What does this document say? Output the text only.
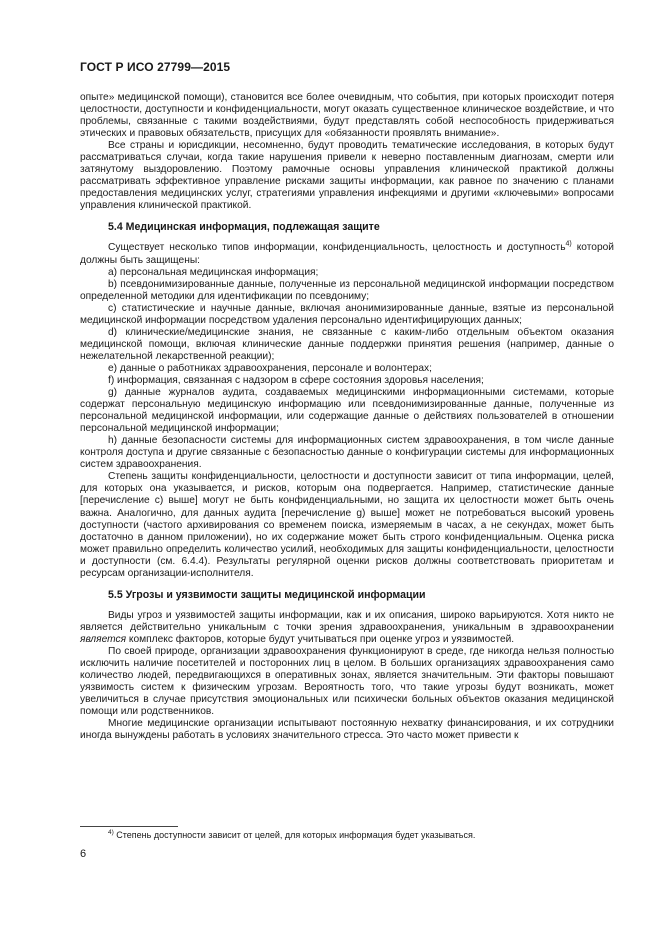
ГОСТ Р ИСО 27799—2015

опыте» медицинской помощи), становится все более очевидным, что события, при которых происходит потеря целостности, доступности и конфиденциальности, могут оказать существенное клиническое воздействие, и что проблемы, связанные с такими воздействиями, будут представлять собой неспособность придерживаться этических и правовых обязательств, присущих для «обязанности проявлять внимание».

Все страны и юрисдикции, несомненно, будут проводить тематические исследования, в которых будут рассматриваться случаи, когда такие нарушения привели к неверно поставленным диагнозам, смерти или затянутому выздоровлению. Поэтому рамочные основы управления клинической практикой должны рассматривать эффективное управление рисками защиты информации, как равное по значению с планами предоставления медицинских услуг, стратегиями управления инфекциями и другими «ключевыми» вопросами управления клинической практикой.

5.4 Медицинская информация, подлежащая защите

Существует несколько типов информации, конфиденциальность, целостность и доступность$^{4)}$ которой должны быть защищены:

a) персональная медицинская информация;

b) псевдонимизированные данные, полученные из персональной медицинской информации посредством определенной методики для идентификации по псевдониму;

c) статистические и научные данные, включая анонимизированные данные, взятые из персональной медицинской информации посредством удаления персонально идентифицирующих данных;

d) клинические/медицинские знания, не связанные с каким-либо отдельным объектом оказания медицинской помощи, включая клинические данные поддержки принятия решения (например, данные о нежелательной лекарственной реакции);

e) данные о работниках здравоохранения, персонале и волонтерах;

f) информация, связанная с надзором в сфере состояния здоровья населения;

g) данные журналов аудита, создаваемых медицинскими информационными системами, которые содержат персональную медицинскую информацию или псевдонимизированные данные, полученные из персональной медицинской информации, или содержащие данные о действиях пользователей в отношении персональной медицинской информации;

h) данные безопасности системы для информационных систем здравоохранения, в том числе данные контроля доступа и другие связанные с безопасностью данные о конфигурации системы для информационных систем здравоохранения.

Степень защиты конфиденциальности, целостности и доступности зависит от типа информации, целей, для которых она указывается, и рисков, которым она подвергается. Например, статистические данные [перечисление с) выше] могут не быть конфиденциальными, но защита их целостности может быть очень важна. Аналогично, для данных аудита [перечисление g) выше] может не потребоваться высокий уровень доступности (частого архивирования со временем поиска, измеряемым в часах, а не секундах, может быть достаточно в данном приложении), но их содержание может быть строго конфиденциальным. Оценка риска может правильно определить количество усилий, необходимых для защиты конфиденциальности, целостности и доступности (см. 6.4.4). Результаты регулярной оценки рисков должны соответствовать приоритетам и ресурсам организации-исполнителя.

5.5 Угрозы и уязвимости защиты медицинской информации

Виды угроз и уязвимостей защиты информации, как и их описания, широко варьируются. Хотя никто не является действительно уникальным с точки зрения здравоохранения, уникальным в здравоохранении является комплекс факторов, которые будут учитываться при оценке угроз и уязвимостей.

По своей природе, организации здравоохранения функционируют в среде, где никогда нельзя полностью исключить наличие посетителей и посторонних лиц в целом. В больших организациях здравоохранения само количество людей, передвигающихся в оперативных зонах, является значительным. Эти факторы повышают уязвимость систем к физическим угрозам. Вероятность того, что такие угрозы будут возникать, может увеличиться в случае присутствия эмоциональных или психически больных объектов оказания медицинской помощи или родственников.

Многие медицинские организации испытывают постоянную нехватку финансирования, и их сотрудники иногда вынуждены работать в условиях значительного стресса. Это часто может привести к

$^{4)}$ Степень доступности зависит от целей, для которых информация будет указываться.
6
